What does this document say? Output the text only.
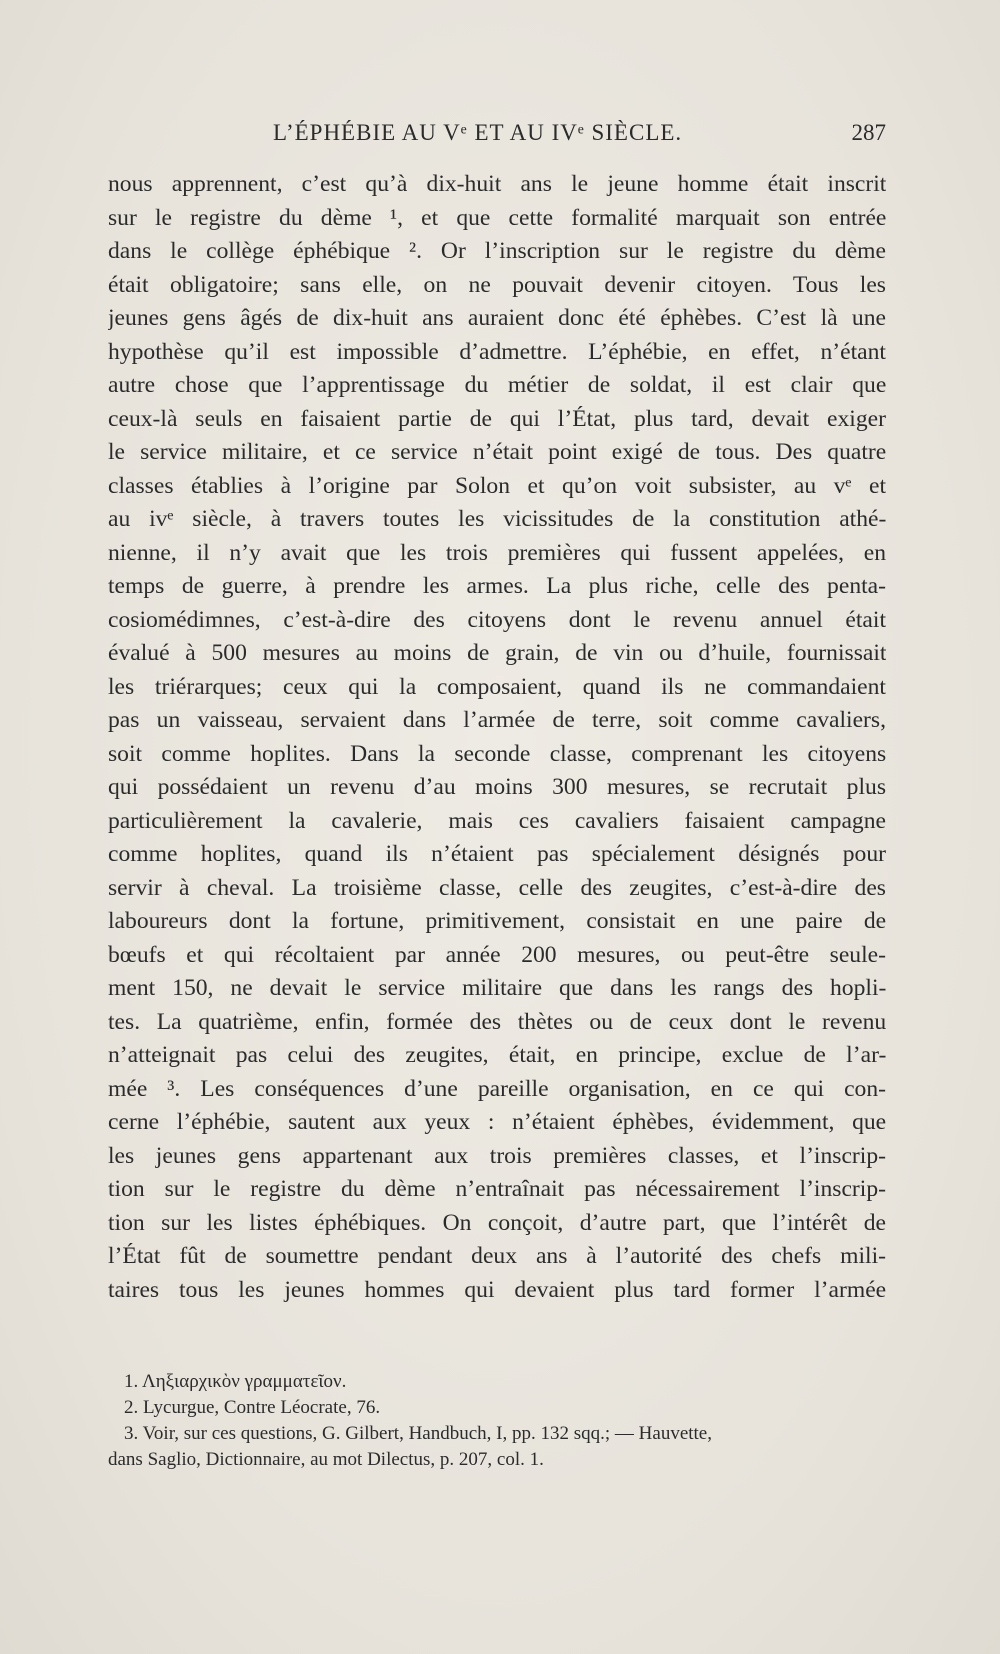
L’ÉPHÉBIE AU Vᵉ ET AU IVᵉ SIÈCLE.	287
nous apprennent, c’est qu’à dix-huit ans le jeune homme était inscrit
sur le registre du dème ¹, et que cette formalité marquait son entrée
dans le collège éphébique ². Or l’inscription sur le registre du dème
était obligatoire; sans elle, on ne pouvait devenir citoyen. Tous les
jeunes gens âgés de dix-huit ans auraient donc été éphèbes. C’est là une
hypothèse qu’il est impossible d’admettre. L’éphébie, en effet, n’étant
autre chose que l’apprentissage du métier de soldat, il est clair que
ceux-là seuls en faisaient partie de qui l’État, plus tard, devait exiger
le service militaire, et ce service n’était point exigé de tous. Des quatre
classes établies à l’origine par Solon et qu’on voit subsister, au vᵉ et
au ivᵉ siècle, à travers toutes les vicissitudes de la constitution athé-
nienne, il n’y avait que les trois premières qui fussent appelées, en
temps de guerre, à prendre les armes. La plus riche, celle des penta-
cosiomédimnes, c’est-à-dire des citoyens dont le revenu annuel était
évalué à 500 mesures au moins de grain, de vin ou d’huile, fournissait
les triérarques; ceux qui la composaient, quand ils ne commandaient
pas un vaisseau, servaient dans l’armée de terre, soit comme cavaliers,
soit comme hoplites. Dans la seconde classe, comprenant les citoyens
qui possédaient un revenu d’au moins 300 mesures, se recrutait plus
particulièrement la cavalerie, mais ces cavaliers faisaient campagne
comme hoplites, quand ils n’étaient pas spécialement désignés pour
servir à cheval. La troisième classe, celle des zeugites, c’est-à-dire des
laboureurs dont la fortune, primitivement, consistait en une paire de
bœufs et qui récoltaient par année 200 mesures, ou peut-être seule-
ment 150, ne devait le service militaire que dans les rangs des hopli-
tes. La quatrième, enfin, formée des thètes ou de ceux dont le revenu
n’atteignait pas celui des zeugites, était, en principe, exclue de l’ar-
mée ³. Les conséquences d’une pareille organisation, en ce qui con-
cerne l’éphébie, sautent aux yeux : n’étaient éphèbes, évidemment, que
les jeunes gens appartenant aux trois premières classes, et l’inscrip-
tion sur le registre du dème n’entraînait pas nécessairement l’inscrip-
tion sur les listes éphébiques. On conçoit, d’autre part, que l’intérêt de
l’État fût de soumettre pendant deux ans à l’autorité des chefs mili-
taires tous les jeunes hommes qui devaient plus tard former l’armée
1. Ληξιαρχικὸν γραμματεῖον.
2. Lycurgue, Contre Léocrate, 76.
3. Voir, sur ces questions, G. Gilbert, Handbuch, I, pp. 132 sqq.; — Hauvette,
dans Saglio, Dictionnaire, au mot Dilectus, p. 207, col. 1.
